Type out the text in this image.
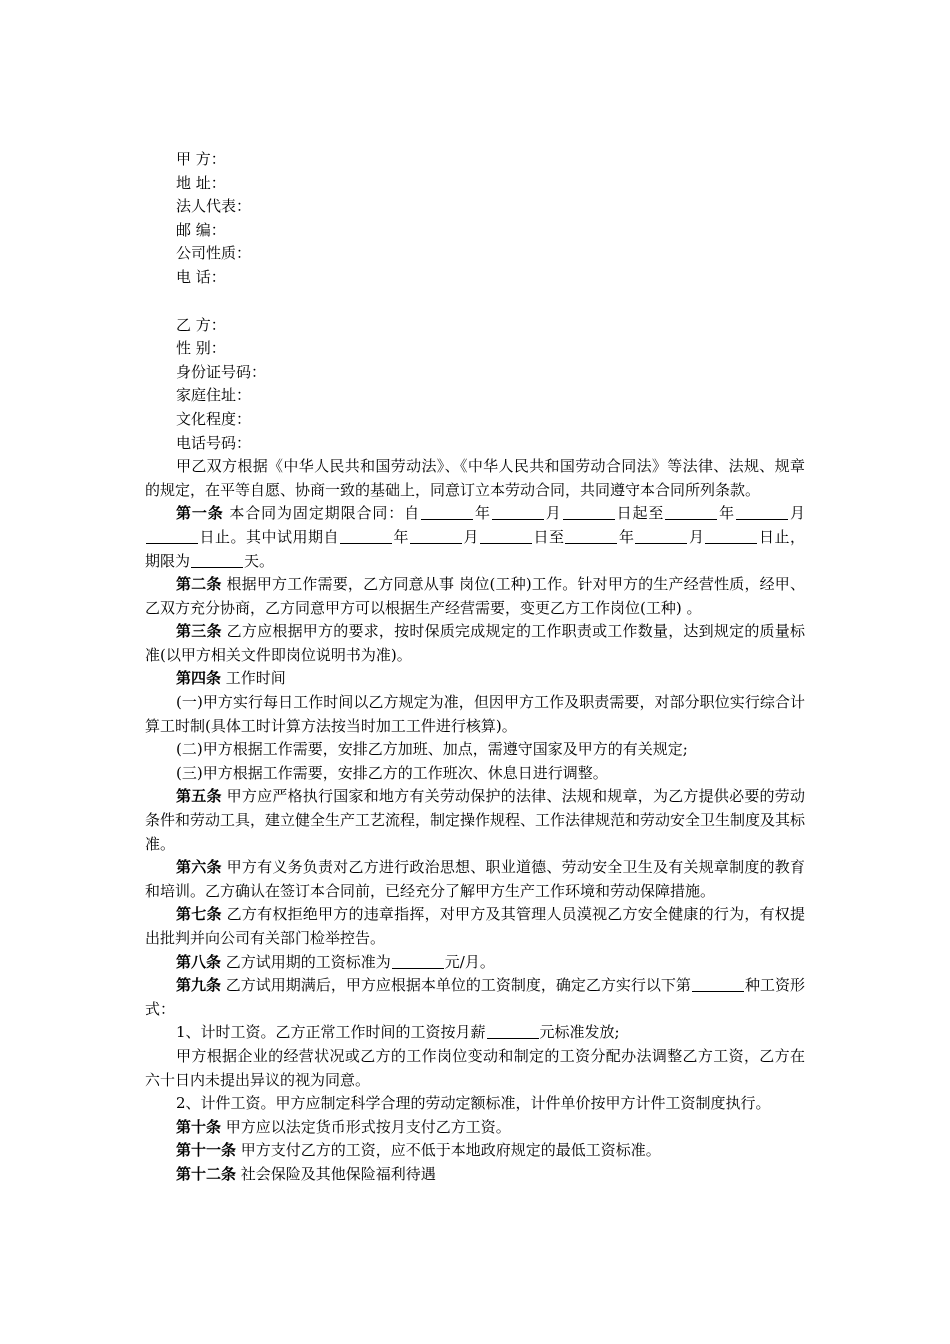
甲 方：
地 址：
法人代表：
邮 编：
公司性质：
电 话：
乙 方：
性 别：
身份证号码：
家庭住址：
文化程度：
电话号码：
甲乙双方根据《中华人民共和国劳动法》、《中华人民共和国劳动合同法》等法律、法规、规章的规定，在平等自愿、协商一致的基础上，同意订立本劳动合同，共同遵守本合同所列条款。
第一条 本合同为固定期限合同：自	年	月	日起至	年	月日止。其中试用期自	年	月	日至	年	月	日止，期限为	天。
第二条 根据甲方工作需要，乙方同意从事 岗位(工种)工作。针对甲方的生产经营性质，经甲、乙双方充分协商，乙方同意甲方可以根据生产经营需要，变更乙方工作岗位(工种) 。
第三条 乙方应根据甲方的要求，按时保质完成规定的工作职责或工作数量，达到规定的质量标准(以甲方相关文件即岗位说明书为准)。
第四条 工作时间
(一)甲方实行每日工作时间以乙方规定为准，但因甲方工作及职责需要，对部分职位实行综合计算工时制(具体工时计算方法按当时加工工件进行核算)。
(二)甲方根据工作需要，安排乙方加班、加点，需遵守国家及甲方的有关规定;
(三)甲方根据工作需要，安排乙方的工作班次、休息日进行调整。
第五条 甲方应严格执行国家和地方有关劳动保护的法律、法规和规章，为乙方提供必要的劳动条件和劳动工具，建立健全生产工艺流程，制定操作规程、工作法律规范和劳动安全卫生制度及其标准。
第六条 甲方有义务负责对乙方进行政治思想、职业道德、劳动安全卫生及有关规章制度的教育和培训。乙方确认在签订本合同前，已经充分了解甲方生产工作环境和劳动保障措施。
第七条 乙方有权拒绝甲方的违章指挥，对甲方及其管理人员漠视乙方安全健康的行为，有权提出批判并向公司有关部门检举控告。
第八条 乙方试用期的工资标准为	元/月。
第九条 乙方试用期满后，甲方应根据本单位的工资制度，确定乙方实行以下第	种工资形式：
1、计时工资。乙方正常工作时间的工资按月薪	元标准发放;
甲方根据企业的经营状况或乙方的工作岗位变动和制定的工资分配办法调整乙方工资，乙方在六十日内未提出异议的视为同意。
2、计件工资。甲方应制定科学合理的劳动定额标准，计件单价按甲方计件工资制度执行。
第十条 甲方应以法定货币形式按月支付乙方工资。
第十一条 甲方支付乙方的工资，应不低于本地政府规定的最低工资标准。
第十二条 社会保险及其他保险福利待遇
